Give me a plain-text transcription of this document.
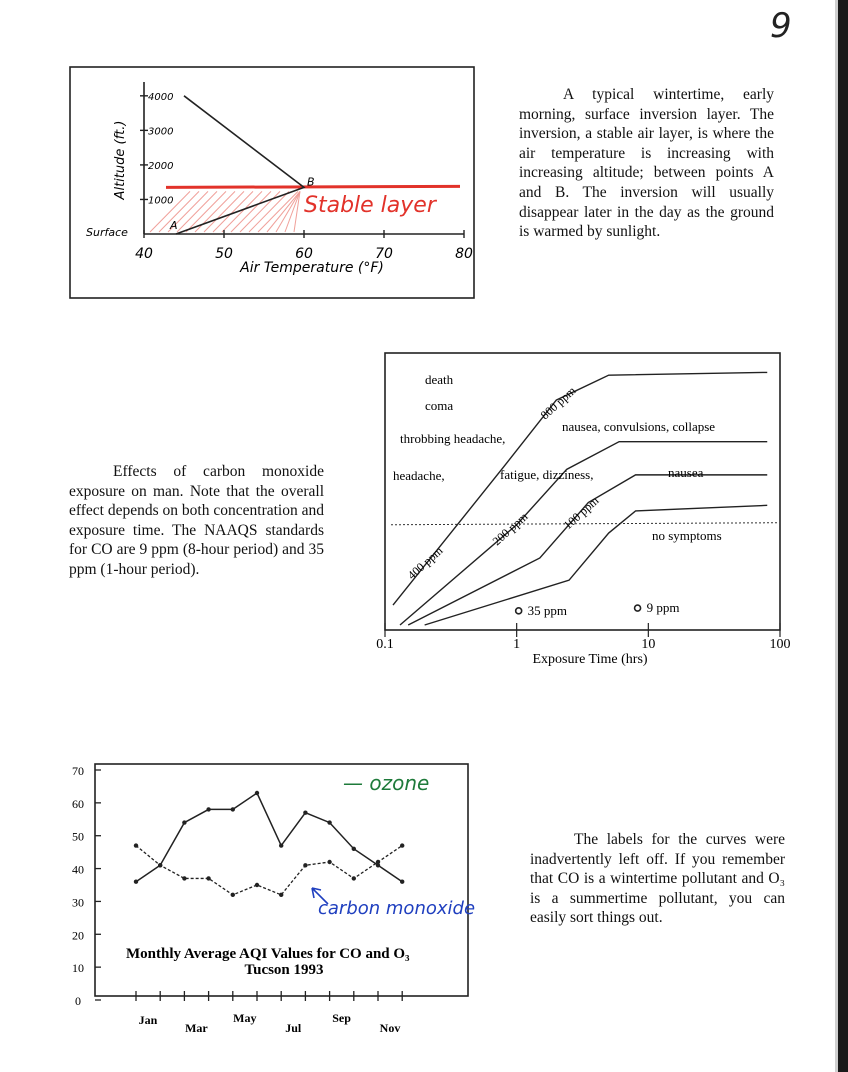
9
A typical wintertime, early morning, surface inversion layer. The inversion, a stable air layer, is where the air temperature is increasing with increasing altitude; between points A and B. The inversion will usually disappear later in the day as the ground is warmed by sunlight.
Effects of carbon monoxide exposure on man. Note that the overall effect depends on both concentration and exposure time. The NAAQS standards for CO are 9 ppm (8-hour period) and 35 ppm (1-hour period).
The labels for the curves were inadvertently left off. If you remember that CO is a wintertime pollutant and O₃ is a summertime pollutant, you can easily sort things out.
40	50	60	70	80
4000
3000
2000
1000
A
B
Stable layer
Surface
Altitude (ft.)
Air Temperature (°F)
0.1	1	10	100
death
coma
throbbing headache,
headache,
nausea, convulsions, collapse
fatigue, dizziness,	nausea
no symptoms
800 ppm
400 ppm
200 ppm	100 ppm
35 ppm	9 ppm
Exposure Time (hrs)
70
60
50
40
30
20
10
0
Jan
Mar
May
Jul
Sep
Nov
Monthly Average AQI Values for CO and O₃
Tucson 1993
— ozone
carbon monoxide
